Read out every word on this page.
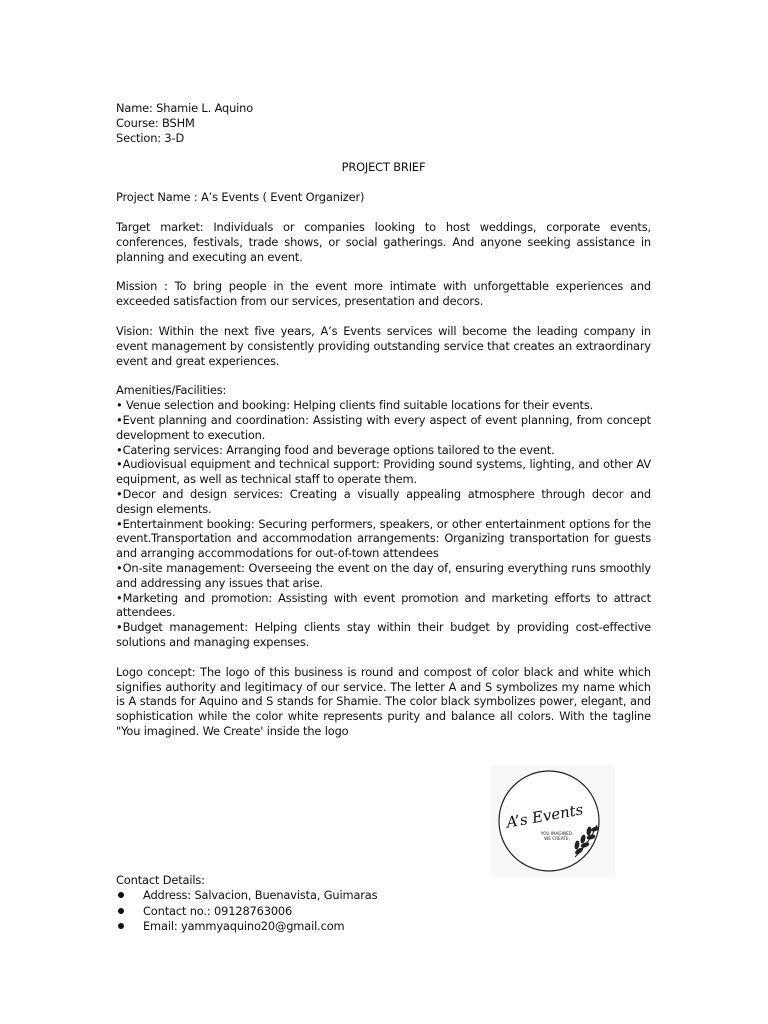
Name: Shamie L. Aquino
Course: BSHM
Section: 3-D

PROJECT BRIEF

Project Name : A’s Events ( Event Organizer)

Target market: Individuals or companies looking to host weddings, corporate events, conferences, festivals, trade shows, or social gatherings. And anyone seeking assistance in planning and executing an event.

Mission : To bring people in the event more intimate with unforgettable experiences and exceeded satisfaction from our services, presentation and decors.

Vision: Within the next five years, A’s Events services will become the leading company in event management by consistently providing outstanding service that creates an extraordinary event and great experiences.

Amenities/Facilities:
• Venue selection and booking: Helping clients find suitable locations for their events.
•Event planning and coordination: Assisting with every aspect of event planning, from concept development to execution.
•Catering services: Arranging food and beverage options tailored to the event.
•Audiovisual equipment and technical support: Providing sound systems, lighting, and other AV equipment, as well as technical staff to operate them.
•Decor and design services: Creating a visually appealing atmosphere through decor and design elements.
•Entertainment booking: Securing performers, speakers, or other entertainment options for the event.Transportation and accommodation arrangements: Organizing transportation for guests and arranging accommodations for out-of-town attendees
•On-site management: Overseeing the event on the day of, ensuring everything runs smoothly and addressing any issues that arise.
•Marketing and promotion: Assisting with event promotion and marketing efforts to attract attendees.
•Budget management: Helping clients stay within their budget by providing cost-effective solutions and managing expenses.

Logo concept: The logo of this business is round and compost of color black and white which signifies authority and legitimacy of our service. The letter A and S symbolizes my name which is A stands for Aquino and S stands for Shamie. The color black symbolizes power, elegant, and sophistication while the color white represents purity and balance all colors. With the tagline "You imagined. We Create' inside the logo

A’s Events
YOU IMAGINED.
WE CREATE.
Contact Details:
Address: Salvacion, Buenavista, Guimaras
Contact no.: 09128763006
Email: yammyaquino20@gmail.com
